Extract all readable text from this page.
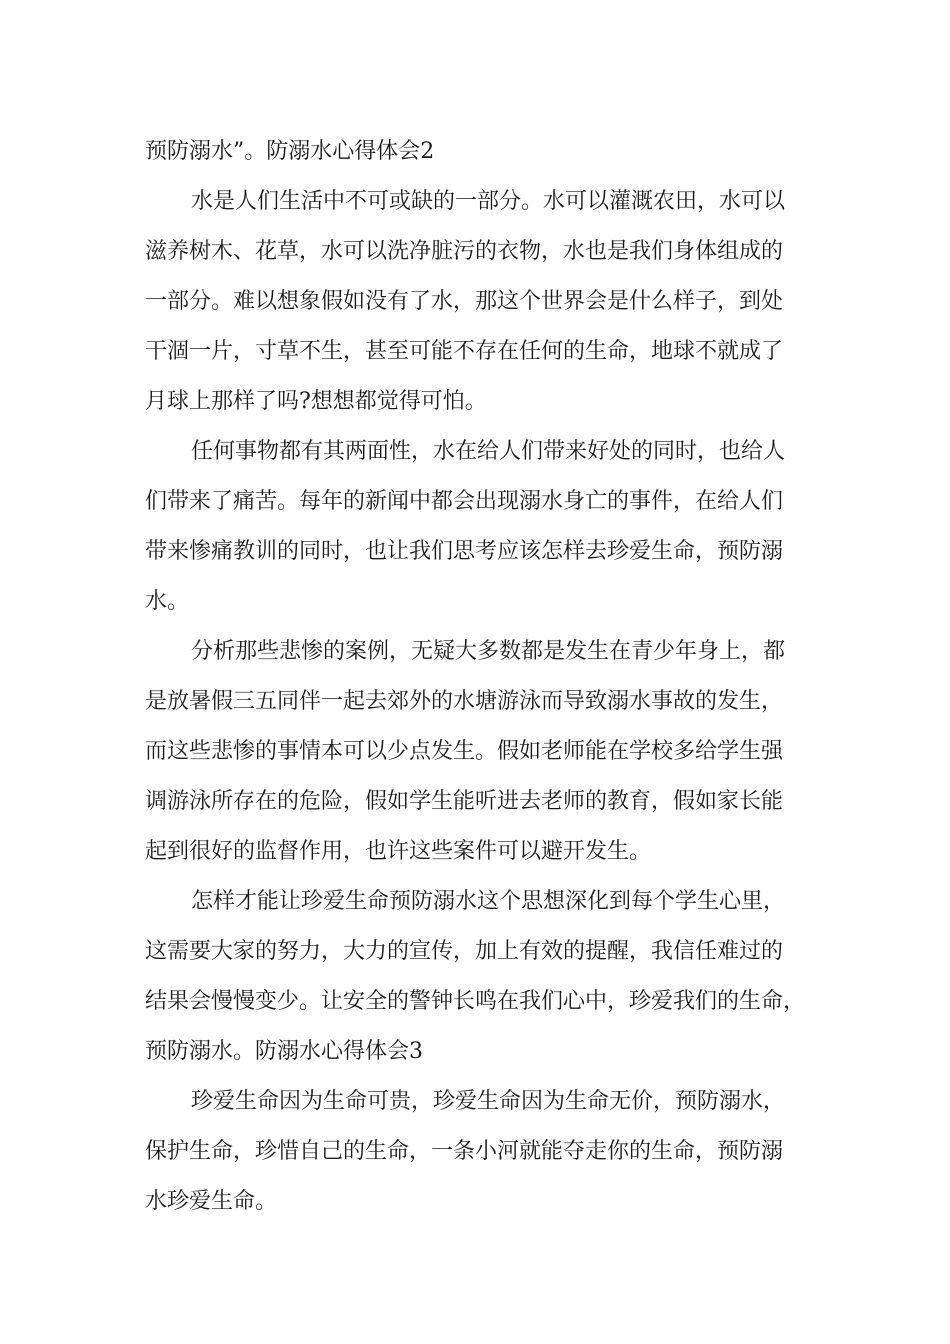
预防溺水”。防溺水心得体会2
水是人们生活中不可或缺的一部分。水可以灌溉农田，水可以
滋养树木、花草，水可以洗净脏污的衣物，水也是我们身体组成的
一部分。难以想象假如没有了水，那这个世界会是什么样子，到处
干涸一片，寸草不生，甚至可能不存在任何的生命，地球不就成了
月球上那样了吗?想想都觉得可怕。
任何事物都有其两面性，水在给人们带来好处的同时，也给人
们带来了痛苦。每年的新闻中都会出现溺水身亡的事件，在给人们
带来惨痛教训的同时，也让我们思考应该怎样去珍爱生命，预防溺
水。
分析那些悲惨的案例，无疑大多数都是发生在青少年身上，都
是放暑假三五同伴一起去郊外的水塘游泳而导致溺水事故的发生，
而这些悲惨的事情本可以少点发生。假如老师能在学校多给学生强
调游泳所存在的危险，假如学生能听进去老师的教育，假如家长能
起到很好的监督作用，也许这些案件可以避开发生。
怎样才能让珍爱生命预防溺水这个思想深化到每个学生心里，
这需要大家的努力，大力的宣传，加上有效的提醒，我信任难过的
结果会慢慢变少。让安全的警钟长鸣在我们心中，珍爱我们的生命，
预防溺水。防溺水心得体会3
珍爱生命因为生命可贵，珍爱生命因为生命无价，预防溺水，
保护生命，珍惜自己的生命，一条小河就能夺走你的生命，预防溺
水珍爱生命。
